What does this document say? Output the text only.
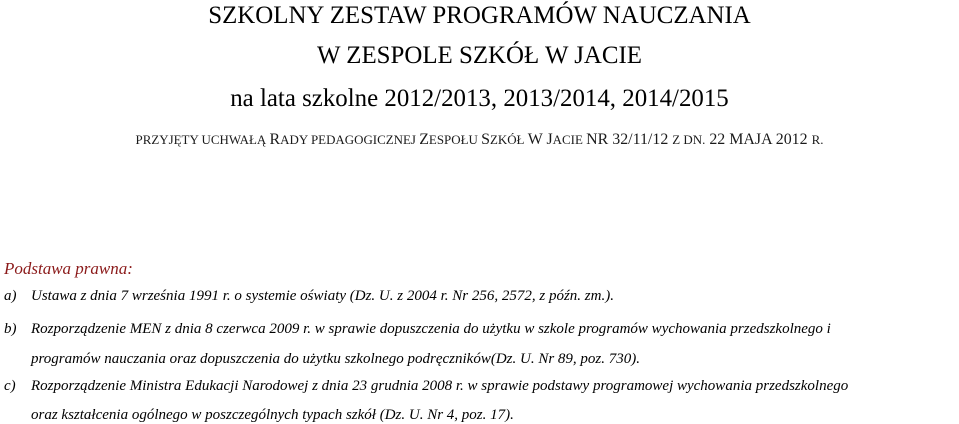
SZKOLNY ZESTAW PROGRAMÓW NAUCZANIA
W ZESPOLE SZKÓŁ W JACIE
na lata szkolne 2012/2013, 2013/2014, 2014/2015
PRZYJĘTY UCHWAŁĄ RADY PEDAGOGICZNEJ ZESPOŁU SZKÓŁ W JACIE NR 32/11/12 Z DN. 22 MAJA 2012 R.
Podstawa prawna:
a) Ustawa z dnia 7 września 1991 r. o systemie oświaty (Dz. U. z 2004 r. Nr 256, 2572, z późn. zm.).
b) Rozporządzenie MEN z dnia 8 czerwca 2009 r. w sprawie dopuszczenia do użytku w szkole programów wychowania przedszkolnego i
programów nauczania oraz dopuszczenia do użytku szkolnego podręczników(Dz. U. Nr 89, poz. 730).
c) Rozporządzenie Ministra Edukacji Narodowej z dnia 23 grudnia 2008 r. w sprawie podstawy programowej wychowania przedszkolnego
oraz kształcenia ogólnego w poszczególnych typach szkół (Dz. U. Nr 4, poz. 17).
